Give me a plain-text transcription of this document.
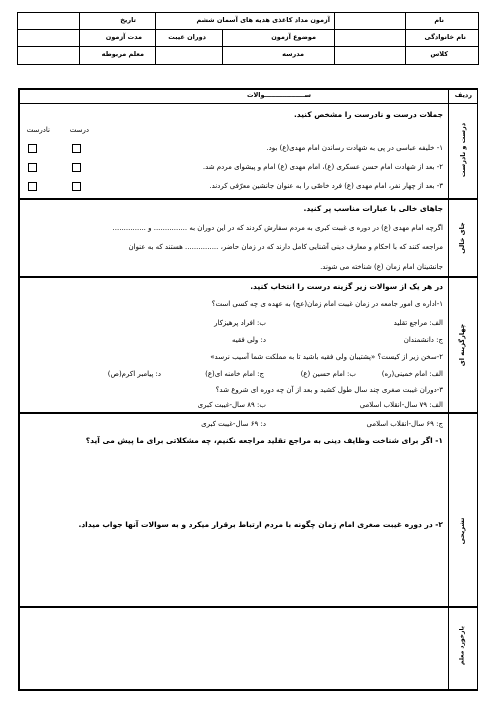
نام
نام خانوادگی
کلاس
آزمون مداد کاغذی هدیه های آسمان ششم
موضوع آزمون
دوران غیبت
مدرسه
تاریخ
مدت آزمون
معلم مربوطه
ردیف
ســــــــــــــــــوالات
درست و نادرست
جملات درست و نادرست را مشخص کنید.
درست
نادرست
۱- خلیفه عباسی در پی به شهادت رساندن امام مهدی(ع) بود.
۲- بعد از شهادت امام حسن عسکری (ع)، امام مهدی (ع) امام و پیشوای مردم شد.
۳- بعد از چهار نفر، امام مهدی (ع) فرد خاصّی را به عنوان جانشین معرّفی کردند.
جای خالی
جاهای خالی با عبارات مناسب پر کنید.
اگرچه امام مهدی (ع) در دوره ی غیبت کبری به مردم سفارش کردند که در این دوران به ............... و ...............
مراجعه کنند که با احکام و معارف دینی آشنایی کامل دارند که در زمان حاضر، ............... هستند که به عنوان
جانشینان امام زمان (ع) شناخته می شوند.
چهارگزینه ای
در هر یک از سوالات زیر گزینه درست را انتخاب کنید.
۱-اداره ی امور جامعه در زمان غیبت امام زمان(عج) به عهده ی چه کسی است؟
الف: مراجع تقلید
ب: افراد پرهیزکار
ج: دانشمندان
د: ولی فقیه
۲-سخن زیر از کیست؟ «پشتیبان ولی فقیه باشید تا به مملکت شما آسیب نرسد»
الف: امام خمینی(ره)
ب: امام حسین (ع)
ج: امام خامنه ای(ع)
د: پیامبر اکرم(ص)
۳-دوران غیبت صغری چند سال طول کشید و بعد از آن چه دوره ای شروع شد؟
الف: ۷۹ سال-انقلاب اسلامی
ب: ۸۹ سال-غیبت کبری
ج: ۶۹ سال-انقلاب اسلامی
د: ۶۹ سال-غیبت کبری
تشریحی
۱- اگر برای شناخت وظایف دینی به مراجع تقلید مراجعه نکنیم، چه مشکلاتی برای ما پیش می آید؟
۲- در دوره غیبت صغری امام زمان چگونه با مردم ارتباط برقرار میکرد و به سوالات آنها جواب میداد.
بازخورد معلم
